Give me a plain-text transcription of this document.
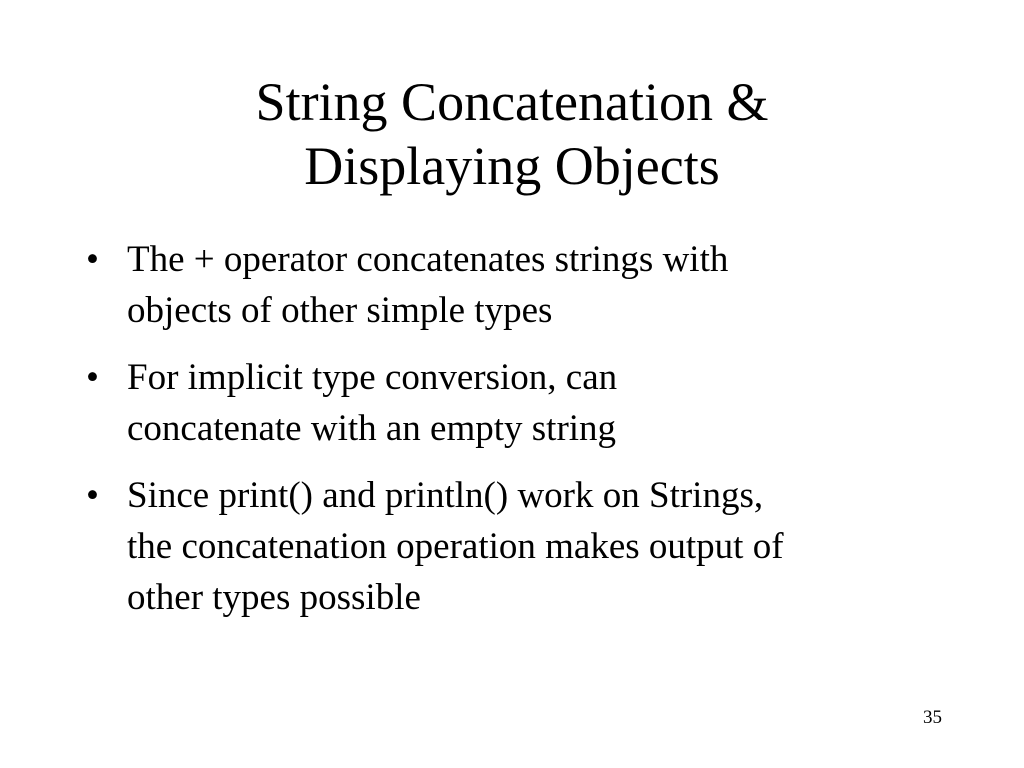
String Concatenation &
Displaying Objects
• The + operator concatenates strings with
objects of other simple types
• For implicit type conversion, can
concatenate with an empty string
• Since print() and println() work on Strings,
the concatenation operation makes output of
other types possible
35
